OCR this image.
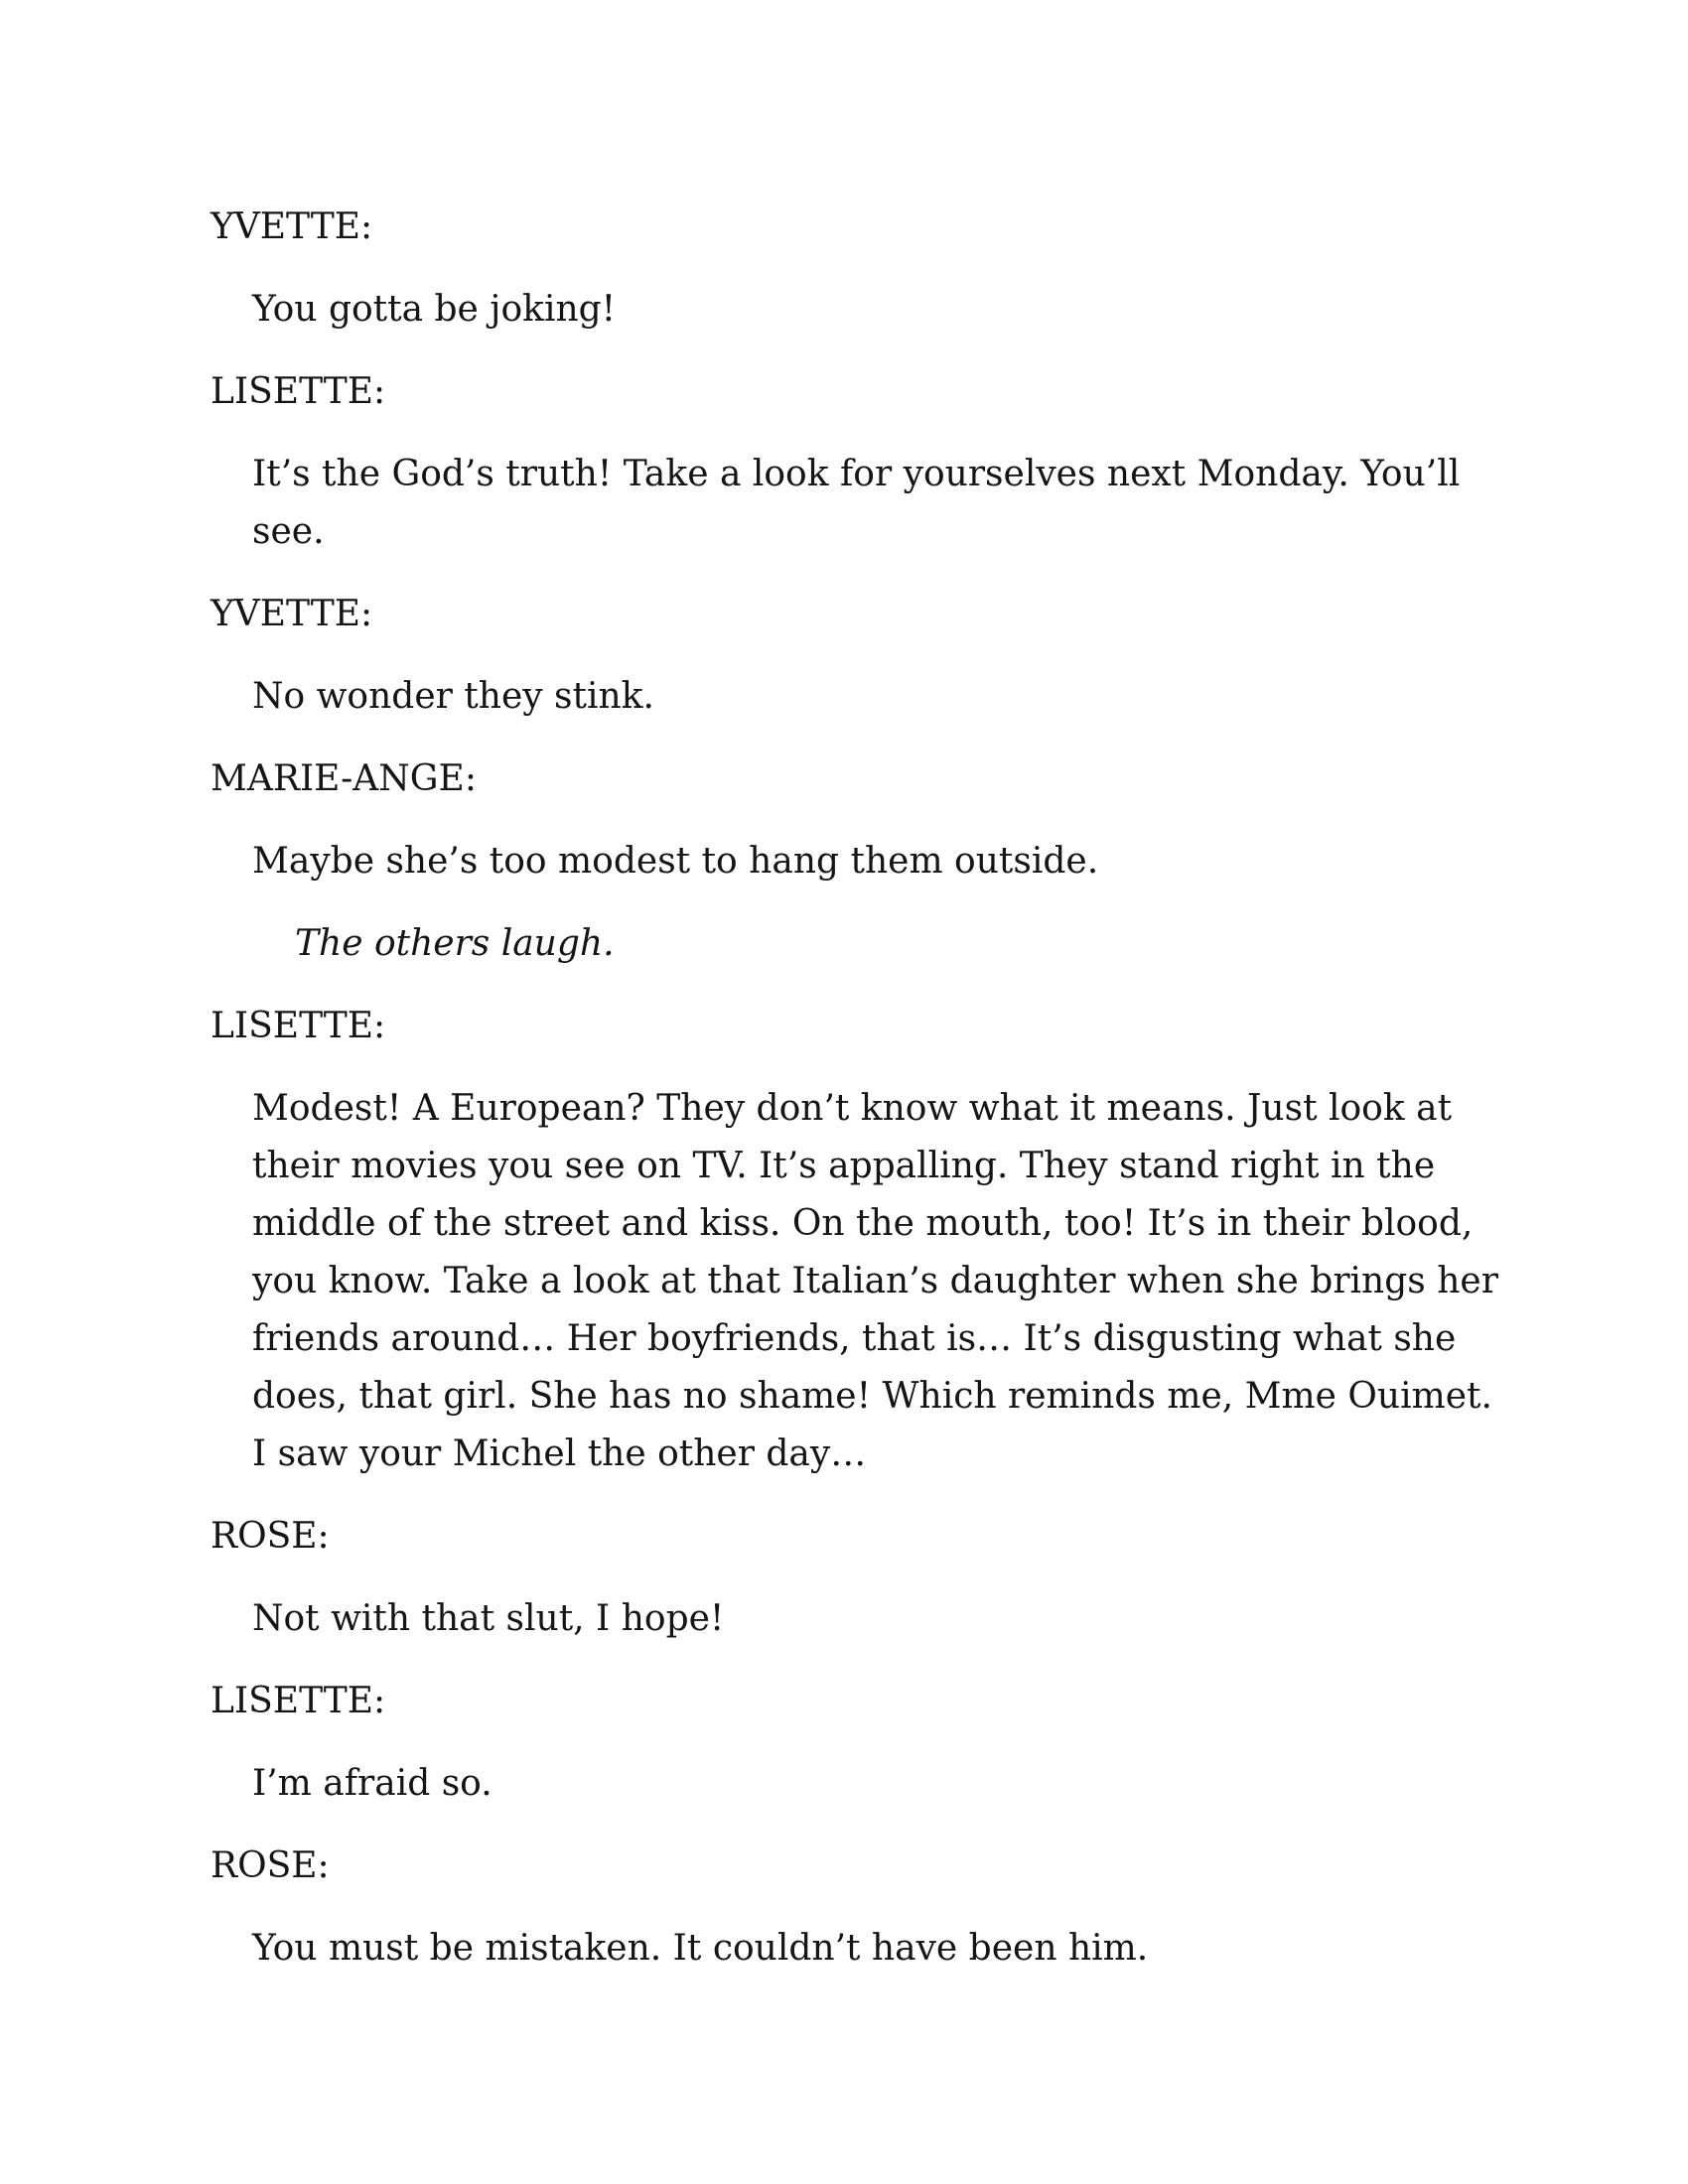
YVETTE:

You gotta be joking!

LISETTE:

It’s the God’s truth! Take a look for yourselves next Monday. You’ll see.

YVETTE:

No wonder they stink.

MARIE-ANGE:

Maybe she’s too modest to hang them outside.

The others laugh.

LISETTE:

Modest! A European? They don’t know what it means. Just look at their movies you see on TV. It’s appalling. They stand right in the middle of the street and kiss. On the mouth, too! It’s in their blood, you know. Take a look at that Italian’s daughter when she brings her friends around… Her boyfriends, that is… It’s disgusting what she does, that girl. She has no shame! Which reminds me, Mme Ouimet. I saw your Michel the other day…

ROSE:

Not with that slut, I hope!

LISETTE:

I’m afraid so.

ROSE:

You must be mistaken. It couldn’t have been him.
